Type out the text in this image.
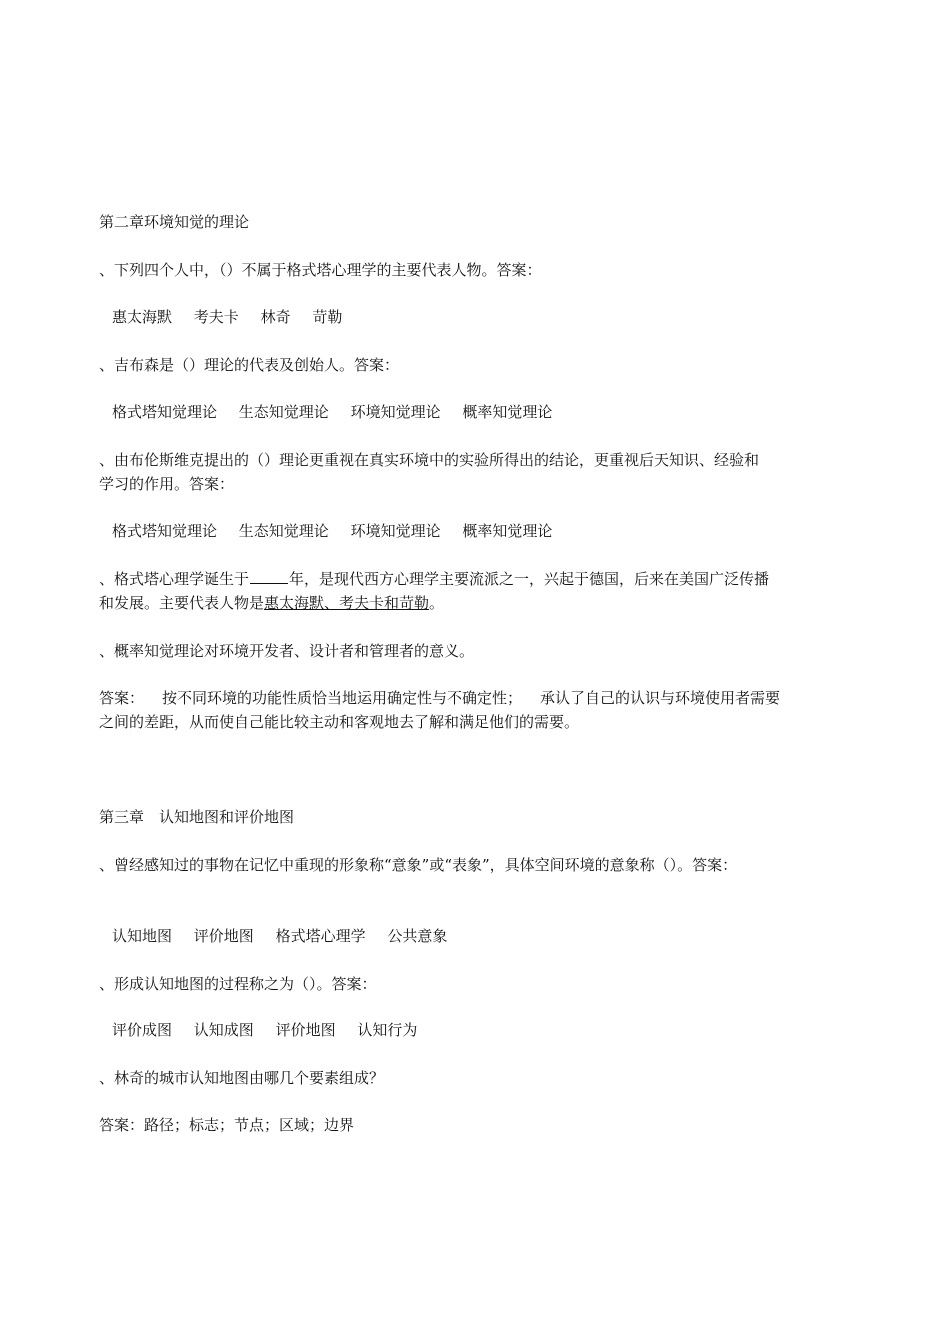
第二章环境知觉的理论
、下列四个人中，（）不属于格式塔心理学的主要代表人物。答案：
惠太海默 考夫卡 林奇 苛勒
、吉布森是（）理论的代表及创始人。答案：
格式塔知觉理论 生态知觉理论 环境知觉理论 概率知觉理论
、由布伦斯维克提出的（）理论更重视在真实环境中的实验所得出的结论，更重视后天知识、经验和
学习的作用。答案：
格式塔知觉理论 生态知觉理论 环境知觉理论 概率知觉理论
、格式塔心理学诞生于	年，是现代西方心理学主要流派之一，兴起于德国，后来在美国广泛传播
和发展。主要代表人物是惠太海默、考夫卡和苛勒。
、概率知觉理论对环境开发者、设计者和管理者的意义。
答案： 按不同环境的功能性质恰当地运用确定性与不确定性； 承认了自己的认识与环境使用者需要
之间的差距，从而使自己能比较主动和客观地去了解和满足他们的需要。
第三章　认知地图和评价地图
、曾经感知过的事物在记忆中重现的形象称“意象”或“表象”，具体空间环境的意象称（）。答案：
认知地图 评价地图 格式塔心理学 公共意象
、形成认知地图的过程称之为（）。答案：
评价成图 认知成图 评价地图 认知行为
、林奇的城市认知地图由哪几个要素组成？
答案：路径；标志；节点；区域；边界
